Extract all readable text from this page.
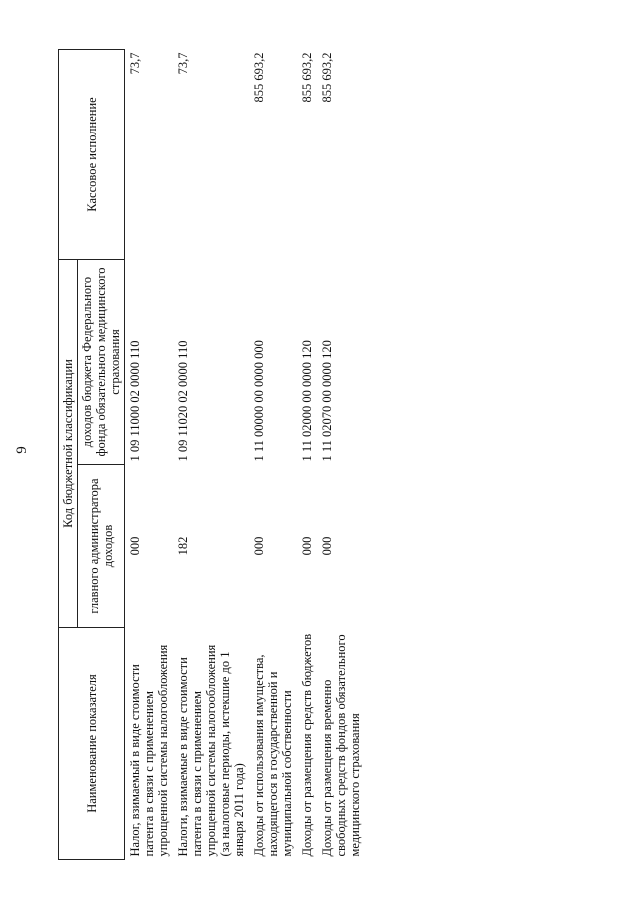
9
Наименование показателя	Код бюджетной классификации		Кассовое исполнение
	главного администратора доходов	доходов бюджета Федерального фонда обязательного медицинского страхования	
Налог, взимаемый в виде стоимости патента в связи с применением упрощенной системы налогообложения	000	1 09 11000 02 0000 110	73,7
Налоги, взимаемые в виде стоимости патента в связи с применением упрощенной системы налогообложения (за налоговые периоды, истекшие до 1 января 2011 года)	182	1 09 11020 02 0000 110	73,7
Доходы от использования имущества, находящегося в государственной и муниципальной собственности	000	1 11 00000 00 0000 000	855 693,2
Доходы от размещения средств бюджетов	000	1 11 02000 00 0000 120	855 693,2
Доходы от размещения временно свободных средств фондов обязательного медицинского страхования	000	1 11 02070 00 0000 120	855 693,2
